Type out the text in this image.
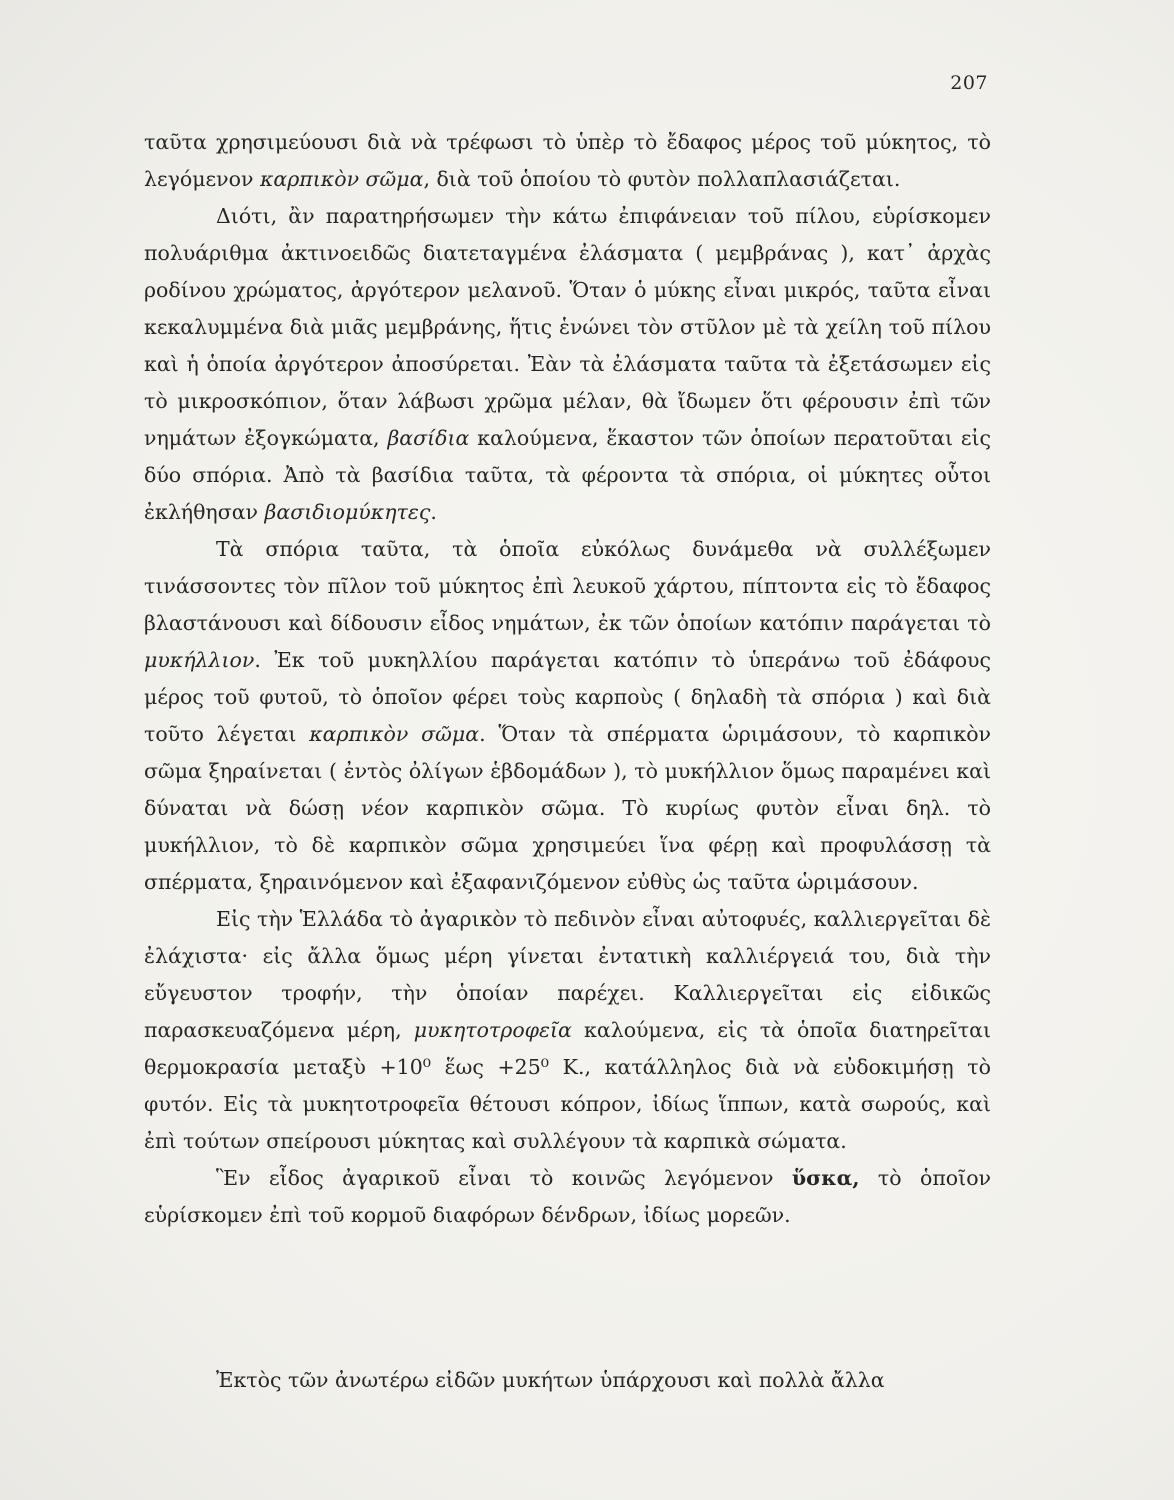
207

ταῦτα χρησιμεύουσι διὰ νὰ τρέφωσι τὸ ὑπὲρ τὸ ἔδαφος μέρος τοῦ μύκητος, τὸ λεγόμενον καρπικὸν σῶμα, διὰ τοῦ ὁποίου τὸ φυτὸν πολλαπλασιάζεται.

Διότι, ἂν παρατηρήσωμεν τὴν κάτω ἐπιφάνειαν τοῦ πίλου, εὑρίσκομεν πολυάριθμα ἀκτινοειδῶς διατεταγμένα ἐλάσματα ( μεμβράνας ), κατ᾽ ἀρχὰς ροδίνου χρώματος, ἀργότερον μελανοῦ. Ὅταν ὁ μύκης εἶναι μικρός, ταῦτα εἶναι κεκαλυμμένα διὰ μιᾶς μεμβράνης, ἥτις ἑνώνει τὸν στῦλον μὲ τὰ χείλη τοῦ πίλου καὶ ἡ ὁποία ἀργότερον ἀποσύρεται. Ἐὰν τὰ ἐλάσματα ταῦτα τὰ ἐξετάσωμεν εἰς τὸ μικροσκόπιον, ὅταν λάβωσι χρῶμα μέλαν, θὰ ἴδωμεν ὅτι φέρουσιν ἐπὶ τῶν νημάτων ἐξογκώματα, βασίδια καλούμενα, ἕκαστον τῶν ὁποίων περατοῦται εἰς δύο σπόρια. Ἀπὸ τὰ βασίδια ταῦτα, τὰ φέροντα τὰ σπόρια, οἱ μύκητες οὗτοι ἐκλήθησαν βασιδιομύκητες.

Τὰ σπόρια ταῦτα, τὰ ὁποῖα εὐκόλως δυνάμεθα νὰ συλλέξωμεν τινάσσοντες τὸν πῖλον τοῦ μύκητος ἐπὶ λευκοῦ χάρτου, πίπτοντα εἰς τὸ ἔδαφος βλαστάνουσι καὶ δίδουσιν εἶδος νημάτων, ἐκ τῶν ὁποίων κατόπιν παράγεται τὸ μυκήλλιον. Ἐκ τοῦ μυκηλλίου παράγεται κατόπιν τὸ ὑπεράνω τοῦ ἐδάφους μέρος τοῦ φυτοῦ, τὸ ὁποῖον φέρει τοὺς καρποὺς ( δηλαδὴ τὰ σπόρια ) καὶ διὰ τοῦτο λέγεται καρπικὸν σῶμα. Ὅταν τὰ σπέρματα ὡριμάσουν, τὸ καρπικὸν σῶμα ξηραίνεται ( ἐντὸς ὀλίγων ἑβδομάδων ), τὸ μυκήλλιον ὅμως παραμένει καὶ δύναται νὰ δώσῃ νέον καρπικὸν σῶμα. Τὸ κυρίως φυτὸν εἶναι δηλ. τὸ μυκήλλιον, τὸ δὲ καρπικὸν σῶμα χρησιμεύει ἵνα φέρῃ καὶ προφυλάσσῃ τὰ σπέρματα, ξηραινόμενον καὶ ἐξαφανιζόμενον εὐθὺς ὡς ταῦτα ὡριμάσουν.

Εἰς τὴν Ἑλλάδα τὸ ἀγαρικὸν τὸ πεδινὸν εἶναι αὐτοφυές, καλλιεργεῖται δὲ ἐλάχιστα· εἰς ἄλλα ὅμως μέρη γίνεται ἐντατικὴ καλλιέργειά του, διὰ τὴν εὔγευστον τροφήν, τὴν ὁποίαν παρέχει. Καλλιεργεῖται εἰς εἰδικῶς παρασκευαζόμενα μέρη, μυκητοτροφεῖα καλούμενα, εἰς τὰ ὁποῖα διατηρεῖται θερμοκρασία μεταξὺ +10⁰ ἕως +25⁰ Κ., κατάλληλος διὰ νὰ εὐδοκιμήσῃ τὸ φυτόν. Εἰς τὰ μυκητοτροφεῖα θέτουσι κόπρον, ἰδίως ἵππων, κατὰ σωρούς, καὶ ἐπὶ τούτων σπείρουσι μύκητας καὶ συλλέγουν τὰ καρπικὰ σώματα.

Ἓν εἶδος ἀγαρικοῦ εἶναι τὸ κοινῶς λεγόμενον ὕσκα, τὸ ὁποῖον εὑρίσκομεν ἐπὶ τοῦ κορμοῦ διαφόρων δένδρων, ἰδίως μορεῶν.

Ἐκτὸς τῶν ἀνωτέρω εἰδῶν μυκήτων ὑπάρχουσι καὶ πολλὰ ἄλλα
